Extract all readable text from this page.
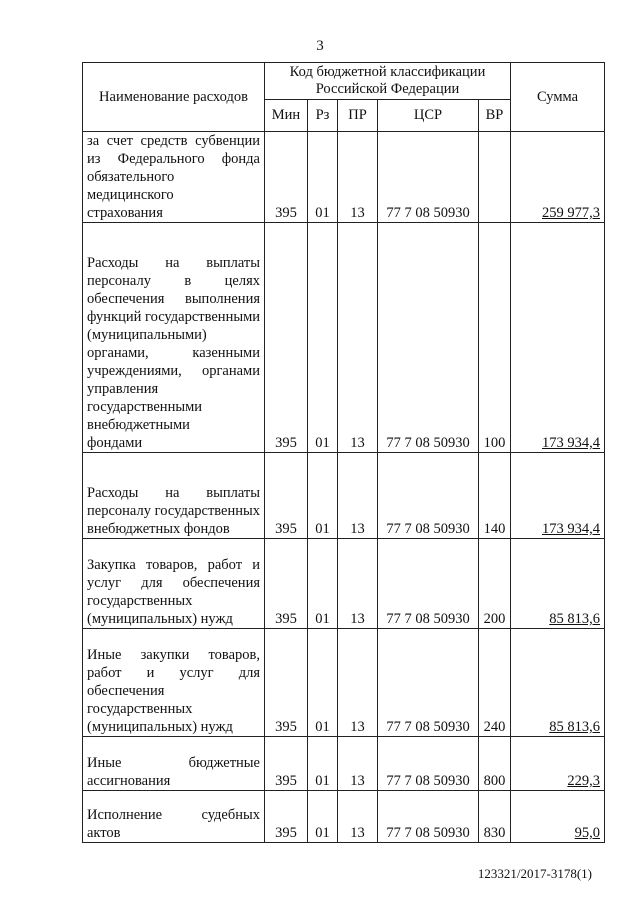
3
Наименование расходов	Код бюджетной классификации Российской Федерации					Сумма
	Мин	Рз	ПР	ЦСР	ВР	
за счет средств субвенции из Федерального фонда обязательного медицинского
страхования	395	01	13	77 7 08 50930		259 977,3
Расходы на выплаты персоналу в целях обеспечения выполнения функций государственными (муниципальными) органами, казенными учреждениями, органами управления государственными внебюджетными
фондами	395	01	13	77 7 08 50930	100	173 934,4
Расходы на выплаты персоналу государственных
внебюджетных фондов	395	01	13	77 7 08 50930	140	173 934,4
Закупка товаров, работ и услуг для обеспечения государственных
(муниципальных) нужд	395	01	13	77 7 08 50930	200	85 813,6
Иные закупки товаров, работ и услуг для обеспечения государственных
(муниципальных) нужд	395	01	13	77 7 08 50930	240	85 813,6
Иные бюджетные
ассигнования	395	01	13	77 7 08 50930	800	229,3
Исполнение судебных
актов	395	01	13	77 7 08 50930	830	95,0
123321/2017-3178(1)
